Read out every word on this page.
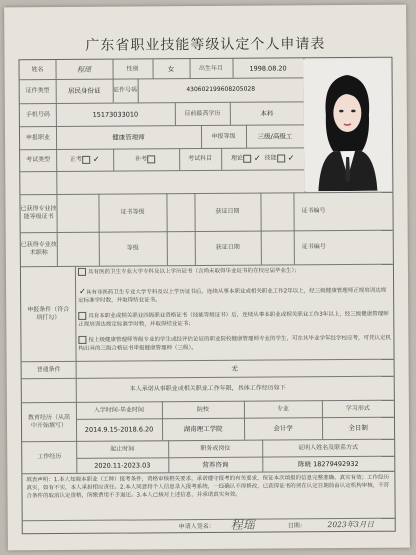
广东省职业技能等级认定个人申请表
姓名	程瑶	性别	女	出生年月	1998.08.20
证件类型	居民身份证	证件号码	430602199608205028
手机号码	15173033010	目前最高学历	本科
申报职业	健康管理师	申报等级	三级/高级工
考试类型	正考 ✓	补考	考试科目	理论 ✓ 技能 ✓
已获得专业技能等级证书
证书等级	获证日期	证书编号
已获得专业技术职称
等级	获证日期	证书编号
申报条件（符合项打勾）
普通条件	无
具有医药卫生专业大学专科及以上学历证书（含尚未取得毕业证书的在校应届毕业生）；
✓具有非医药卫生专业大学专科及以上学历证书后，连续从事本职业或相关职业工作2年以上，经三级健康管理师正规培训达规定标准学时数，并取得结业证书。
具有本职业或相关职业四级职业资格证书（技能等级证书）后，连续从事本职业或相关职业工作3年以上，经三级健康管理师正规培训达规定标准学时数，并取得结业证书；
按上级健康管理师等级专业的学生或经评估论证的职业院校健康管理师专业的学生，可在其毕业学年经学校应考，可凭认定机构出具的三级合格证书申报健康管理师（三级）。
教育经历（从高中开始填写）
入学时间-毕业时间	院校	专业	学习形式
2014.9.15-2018.6.20	湖南理工学院	会计学	全日制
工作经历
起止时间	职务或岗位	证明人姓名及联系方式
2020.11-2023.03	营养咨询	陈晓 18279492932
本人承诺从事职业或相关职业工作年限，具体工作经历如下
填表声明：1.本人知晓本职业（工种）报考条件，资格审核相关要求，承诺遵守报考的有关要求，保证本次填报的信息完整准确、真实有效；工作经历真实，如有不实，本人承担相应责任。2.本人同意将个人信息录入报考系统，一经确认不得修改，已获得证书的须在认定日期前由认定机构审核，不符合条件的取消认定资格，所缴费用不予退还。3.本人已核对上述信息，并承诺真实有效。
申请人签名：	程瑶	日期：	2023年3月日
